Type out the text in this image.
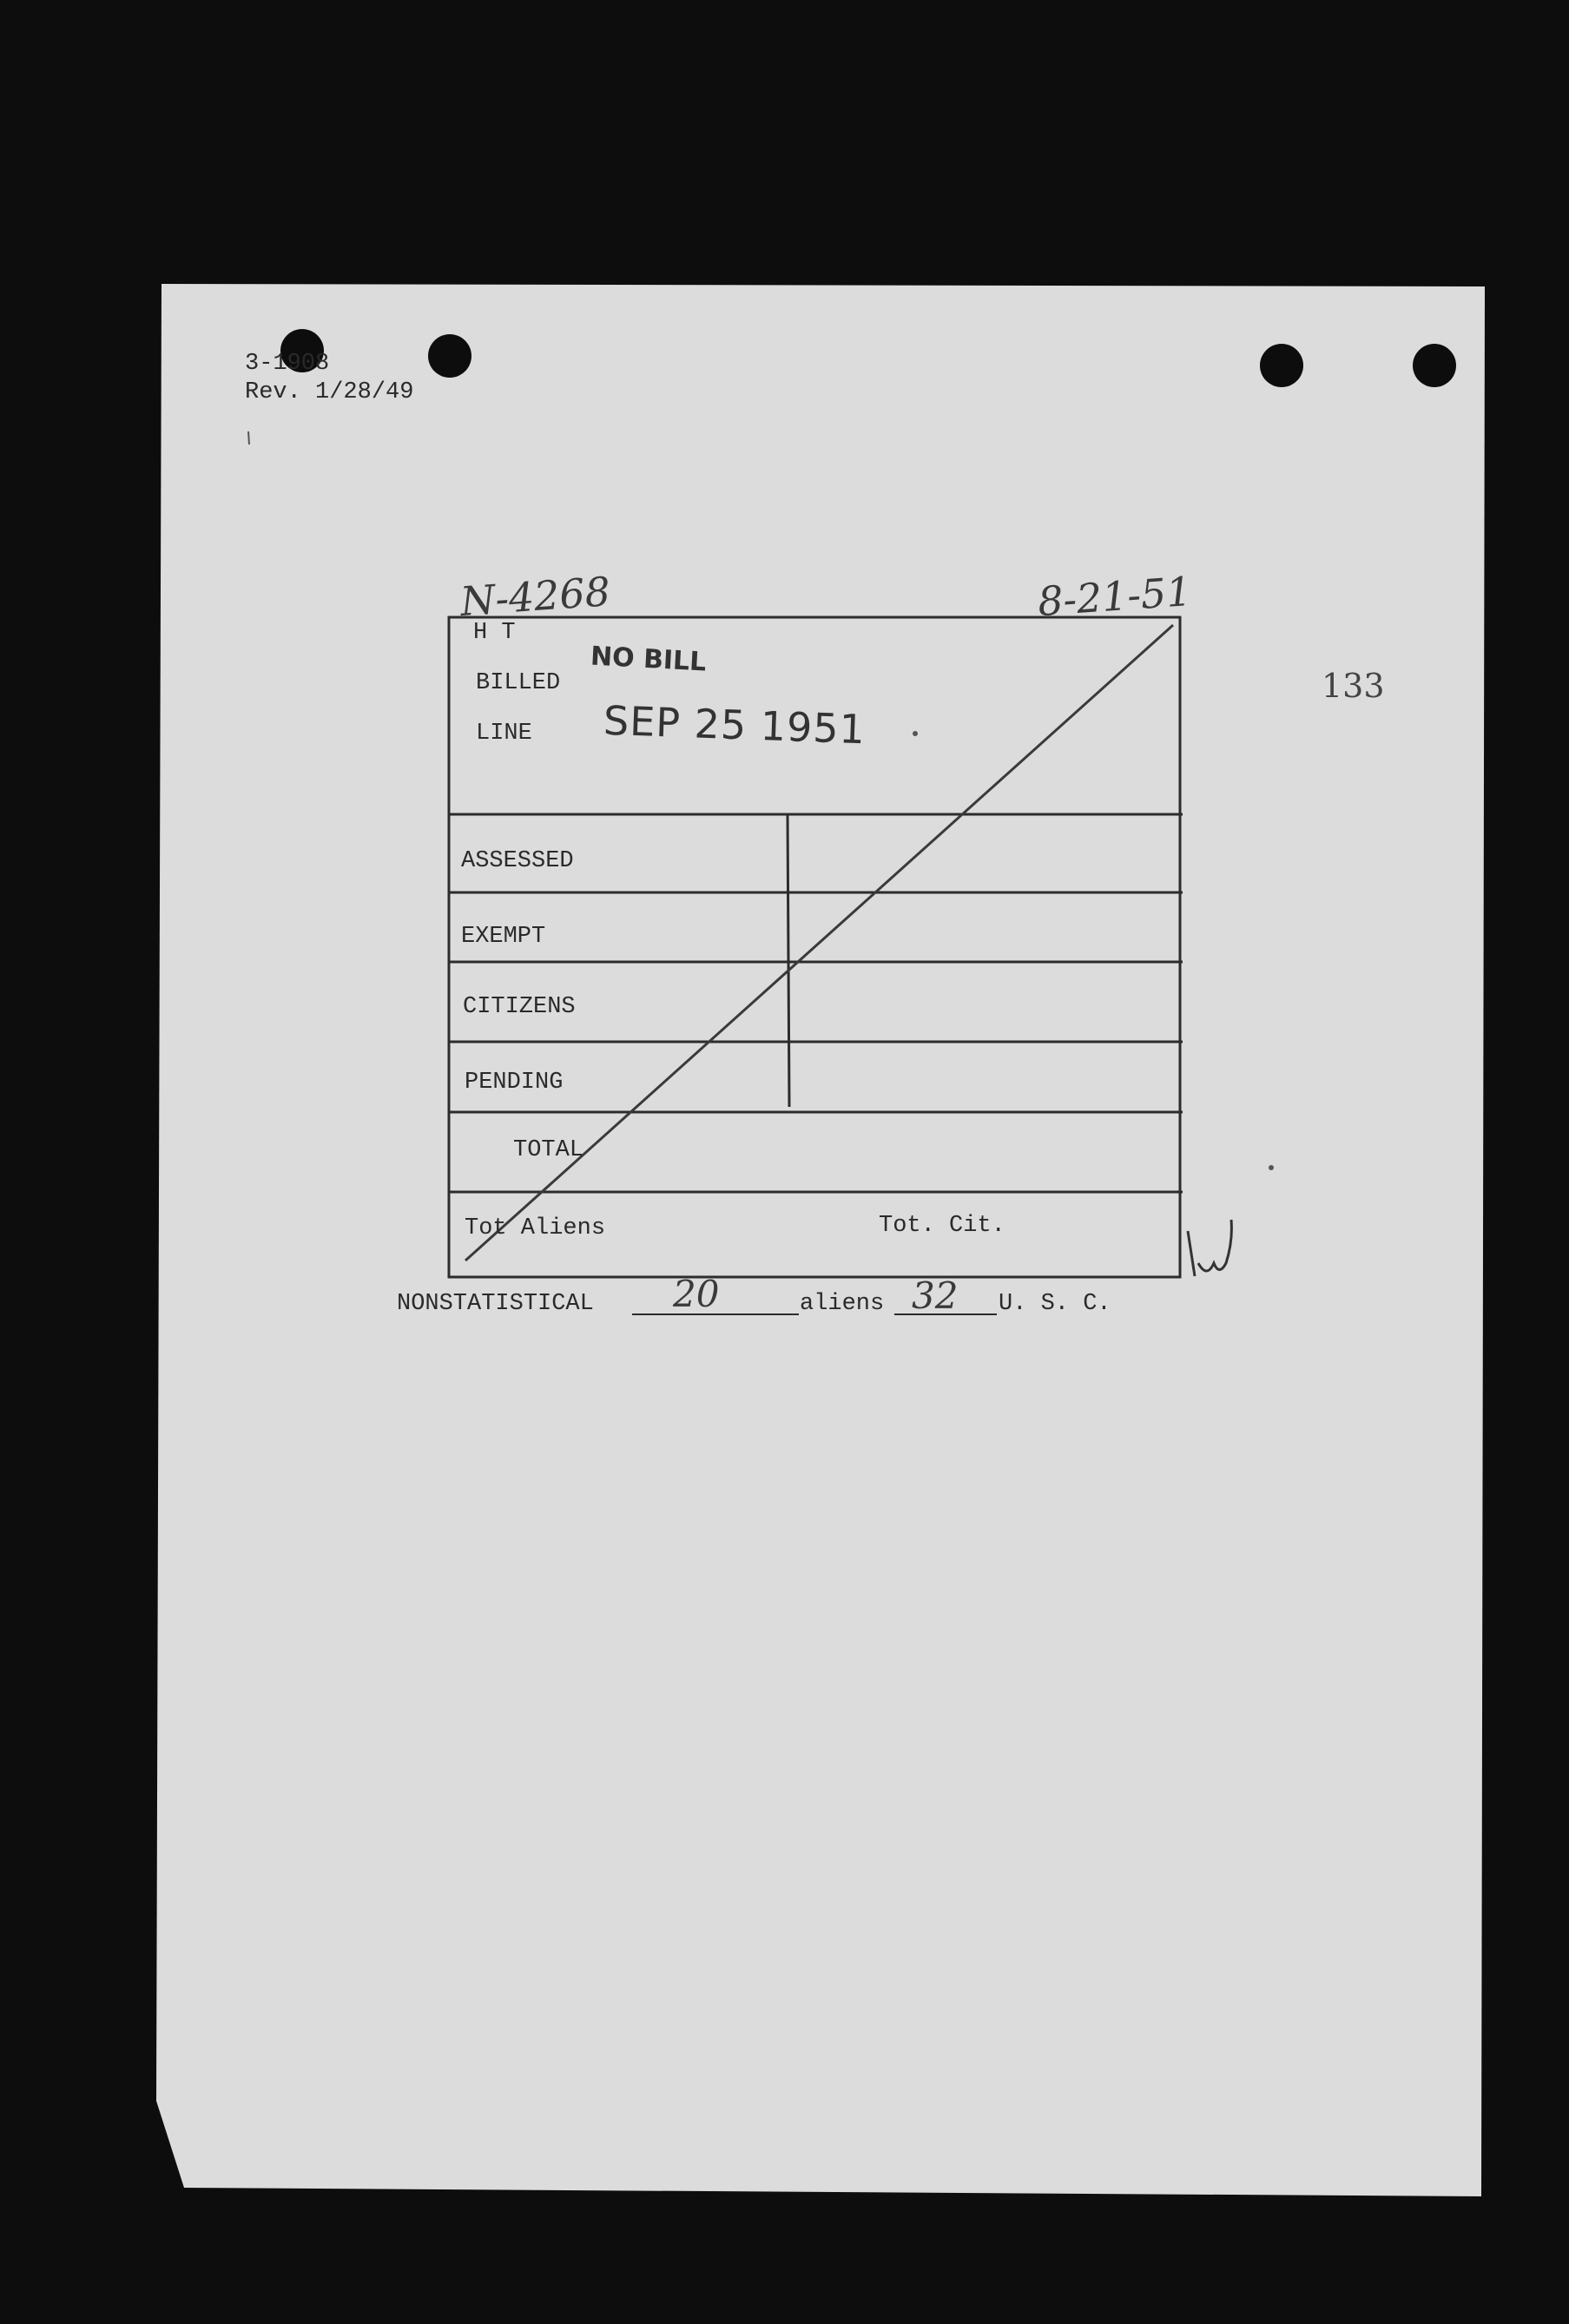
3-1908
Rev. 1/28/49
N-4268	8-21-51
133
NO BILL
SEP 25 1951
H T
BILLED
LINE
ASSESSED
EXEMPT
CITIZENS
PENDING
TOTAL
Tot Aliens	Tot. Cit.
NONSTATISTICAL 20	aliens 32 U. S. C.
